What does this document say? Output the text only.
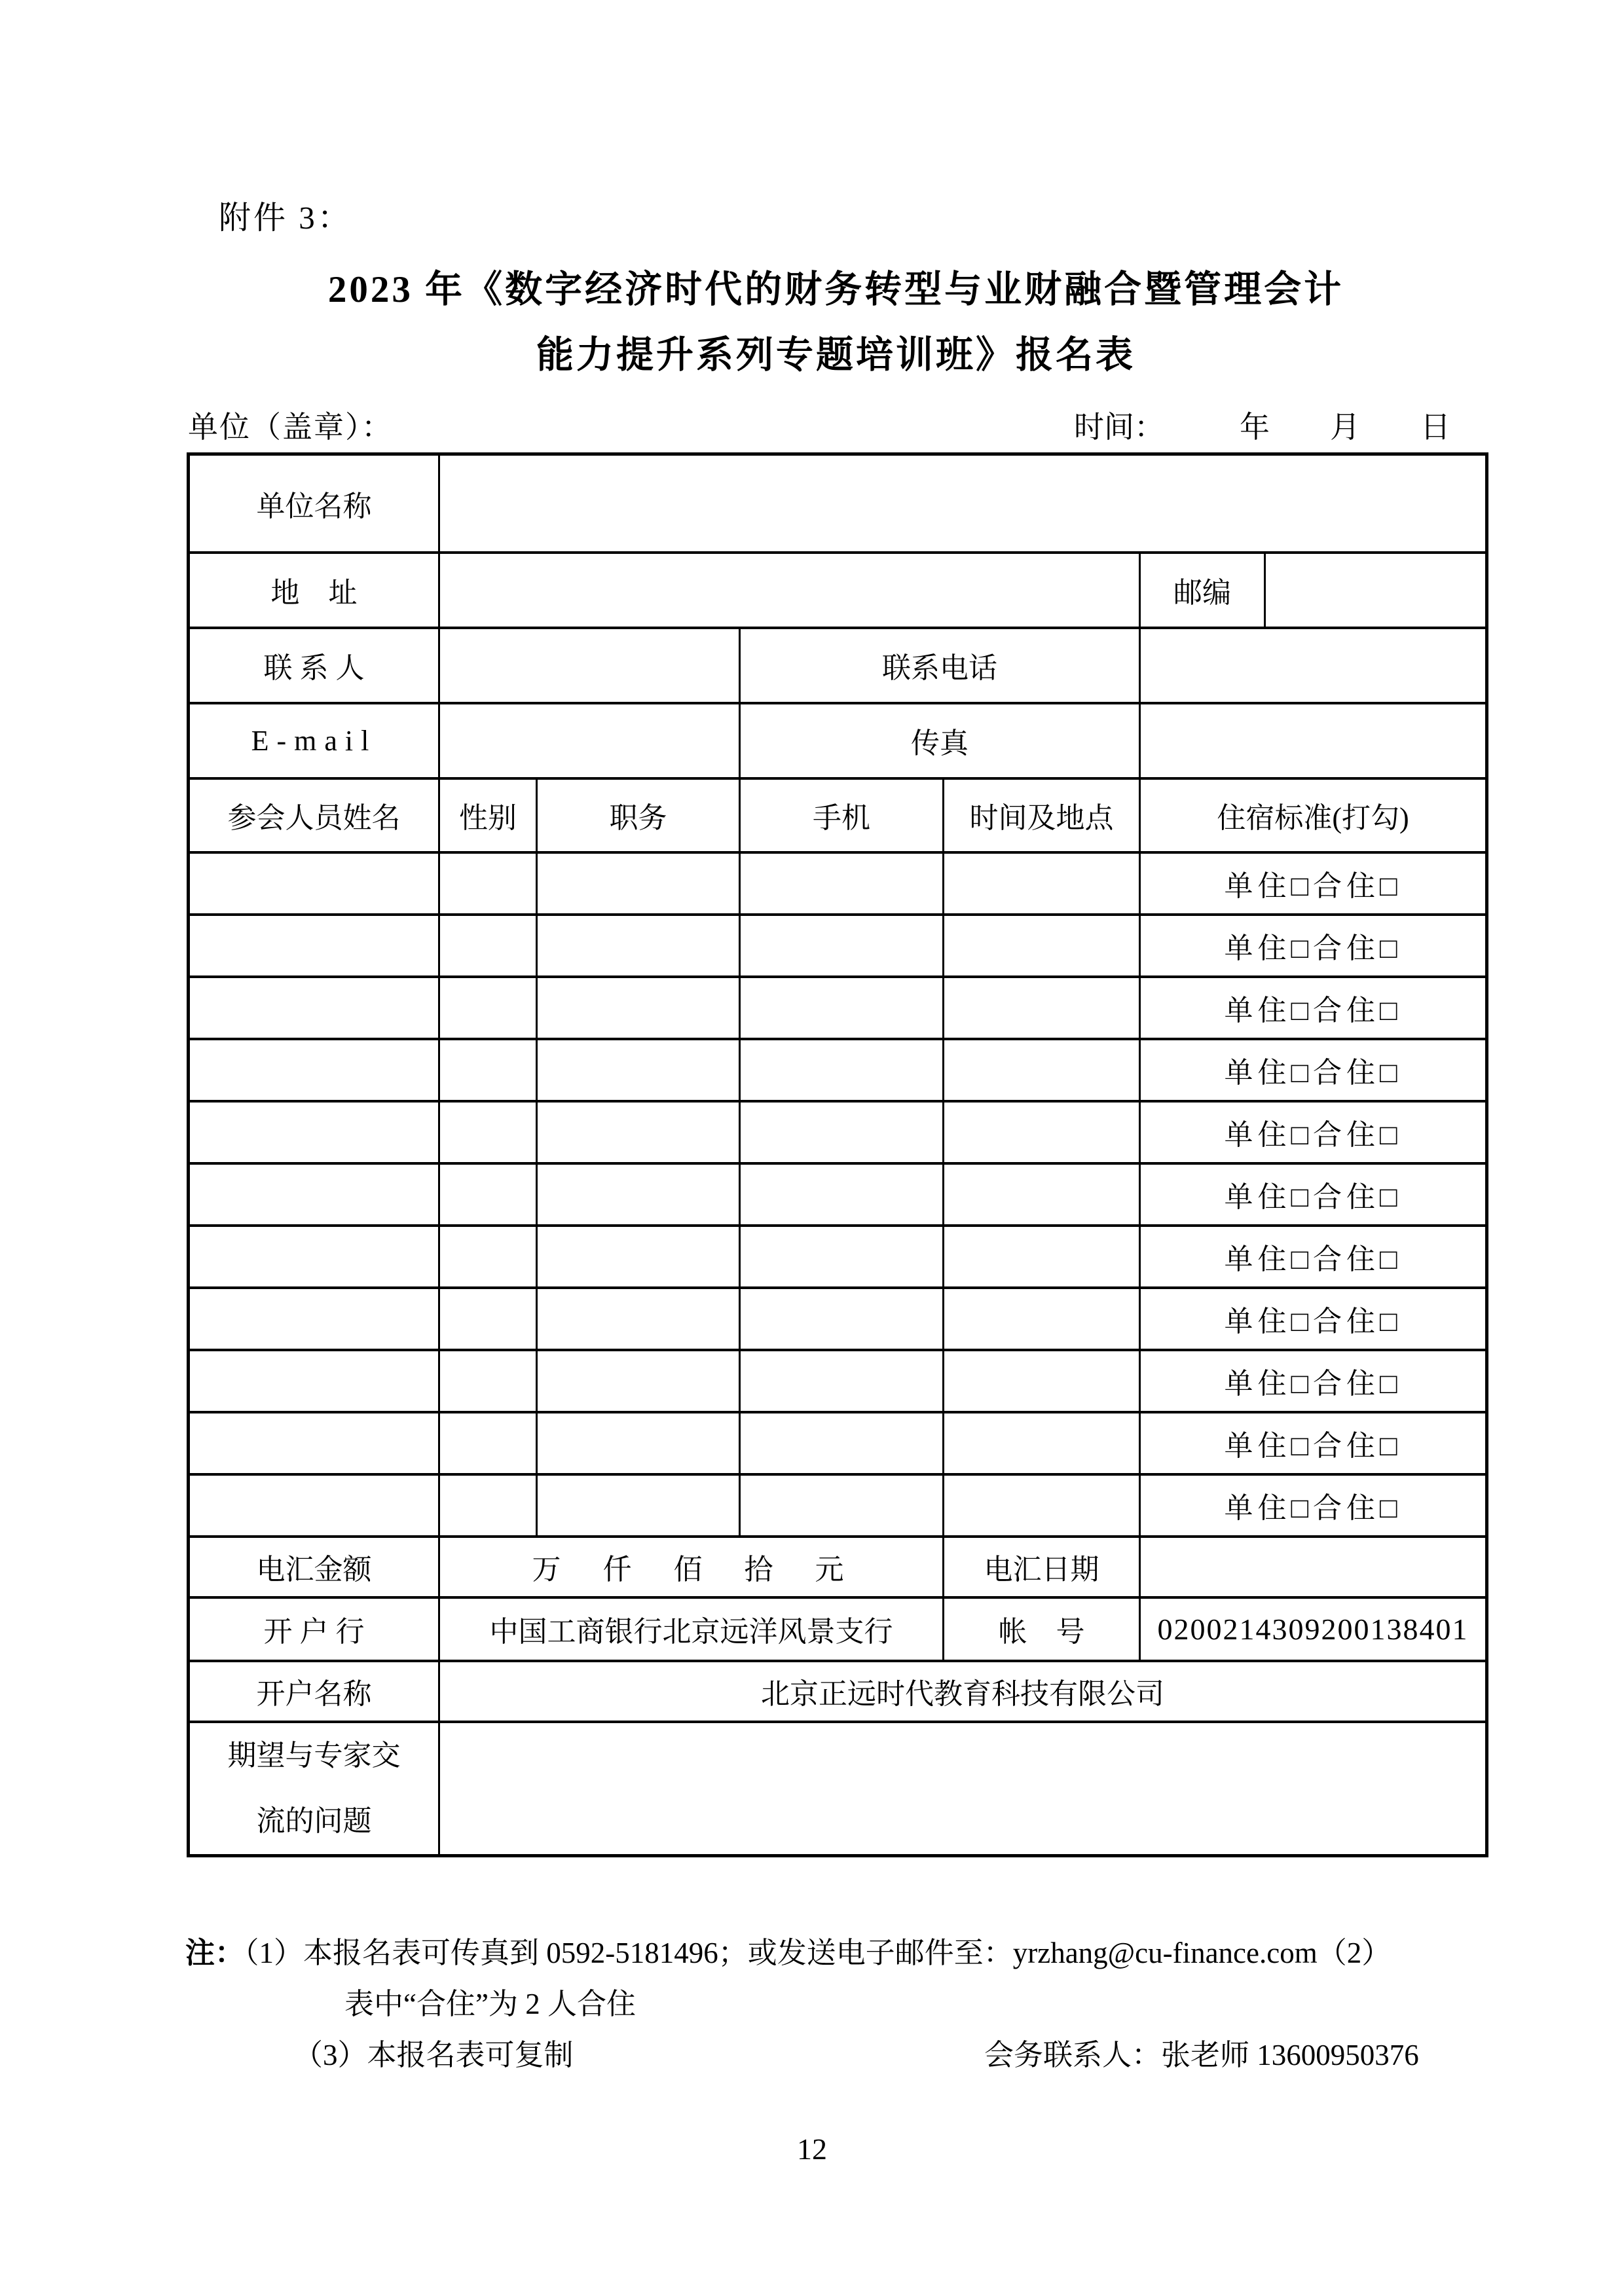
附件 3：
2023 年《数字经济时代的财务转型与业财融合暨管理会计
能力提升系列专题培训班》报名表
单位（盖章）：	时间：　　　年　　月　　日
单位名称						
地　址					邮编	
联 系 人			联系电话			
E-mail			传真			
参会人员姓名	性别	职务	手机	时间及地点	住宿标准(打勾)	
					单住□合住□	
					单住□合住□	
					单住□合住□	
					单住□合住□	
					单住□合住□	
					单住□合住□	
					单住□合住□	
					单住□合住□	
					单住□合住□	
					单住□合住□	
					单住□合住□	
电汇金额	万　仟　佰　拾　元			电汇日期		
开 户 行	中国工商银行北京远洋风景支行			帐　号	0200214309200138401	
开户名称	北京正远时代教育科技有限公司					

期望与专家交
流的问题						

注：（1）本报名表可传真到 0592-5181496；或发送电子邮件至：yrzhang@cu-finance.com（2）
表中“合住”为 2 人合住
（3）本报名表可复制	会务联系人：张老师 13600950376
12
